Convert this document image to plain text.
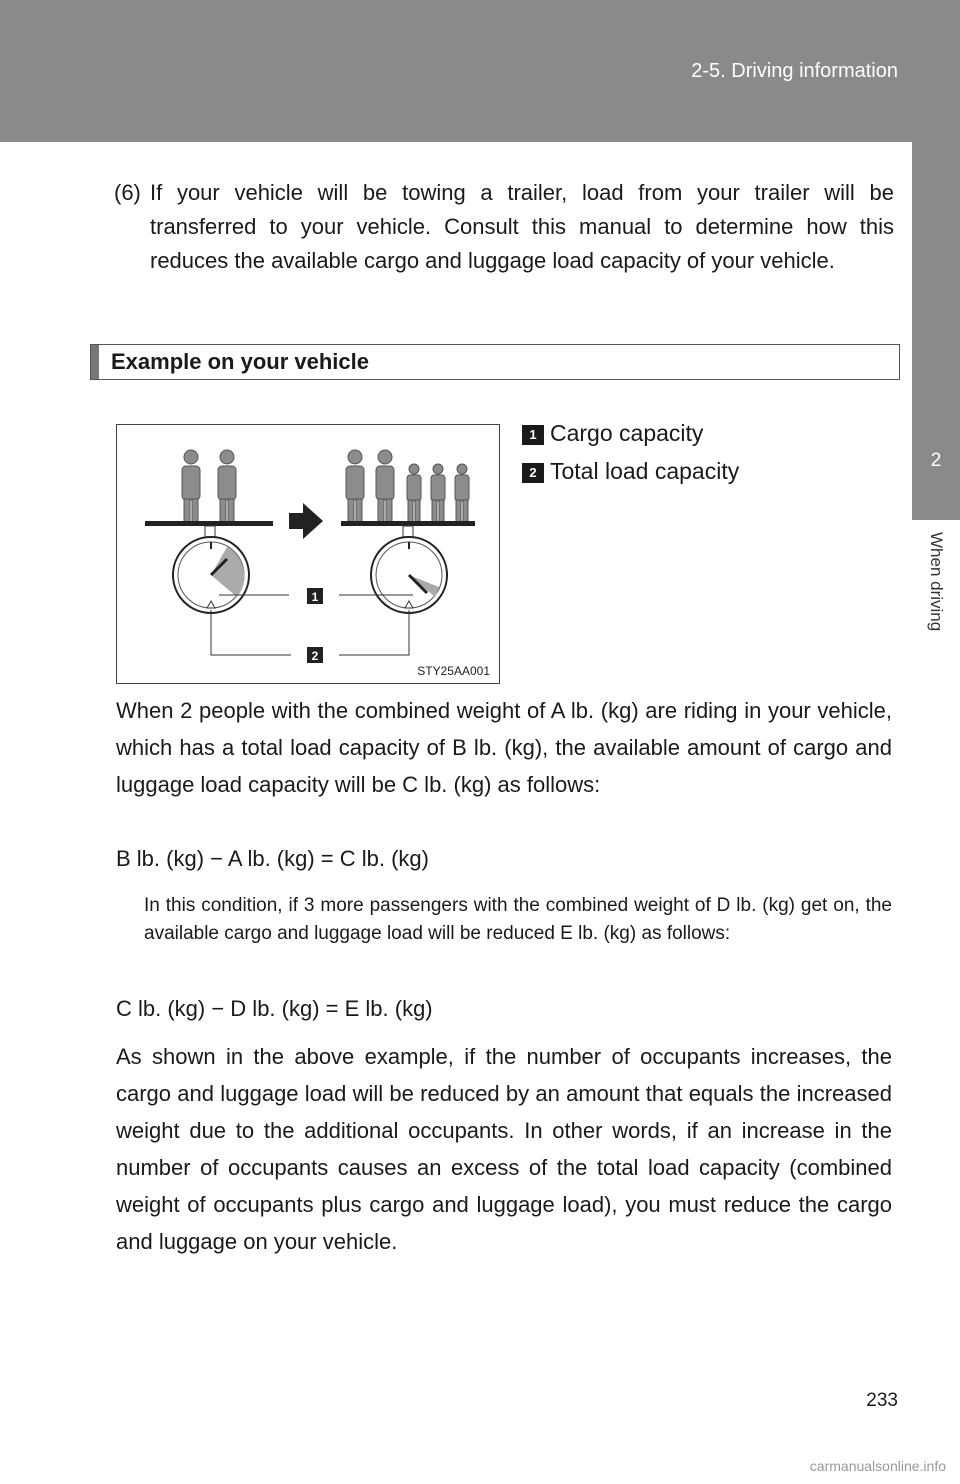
2-5. Driving information
2
When driving
(6) If your vehicle will be towing a trailer, load from your trailer will be transferred to your vehicle. Consult this manual to determine how this reduces the available cargo and luggage load capacity of your vehicle.
Example on your vehicle
1
2
STY25AA001
1 Cargo capacity
2 Total load capacity
When 2 people with the combined weight of A lb. (kg) are riding in your vehicle, which has a total load capacity of B lb. (kg), the available amount of cargo and luggage load capacity will be C lb. (kg) as follows:
B lb. (kg) − A lb. (kg) = C lb. (kg)
In this condition, if 3 more passengers with the combined weight of D lb. (kg) get on, the available cargo and luggage load will be reduced E lb. (kg) as follows:
C lb. (kg) − D lb. (kg) = E lb. (kg)
As shown in the above example, if the number of occupants increases, the cargo and luggage load will be reduced by an amount that equals the increased weight due to the additional occupants. In other words, if an increase in the number of occupants causes an excess of the total load capacity (combined weight of occupants plus cargo and luggage load), you must reduce the cargo and luggage on your vehicle.
233
carmanualsonline.info
